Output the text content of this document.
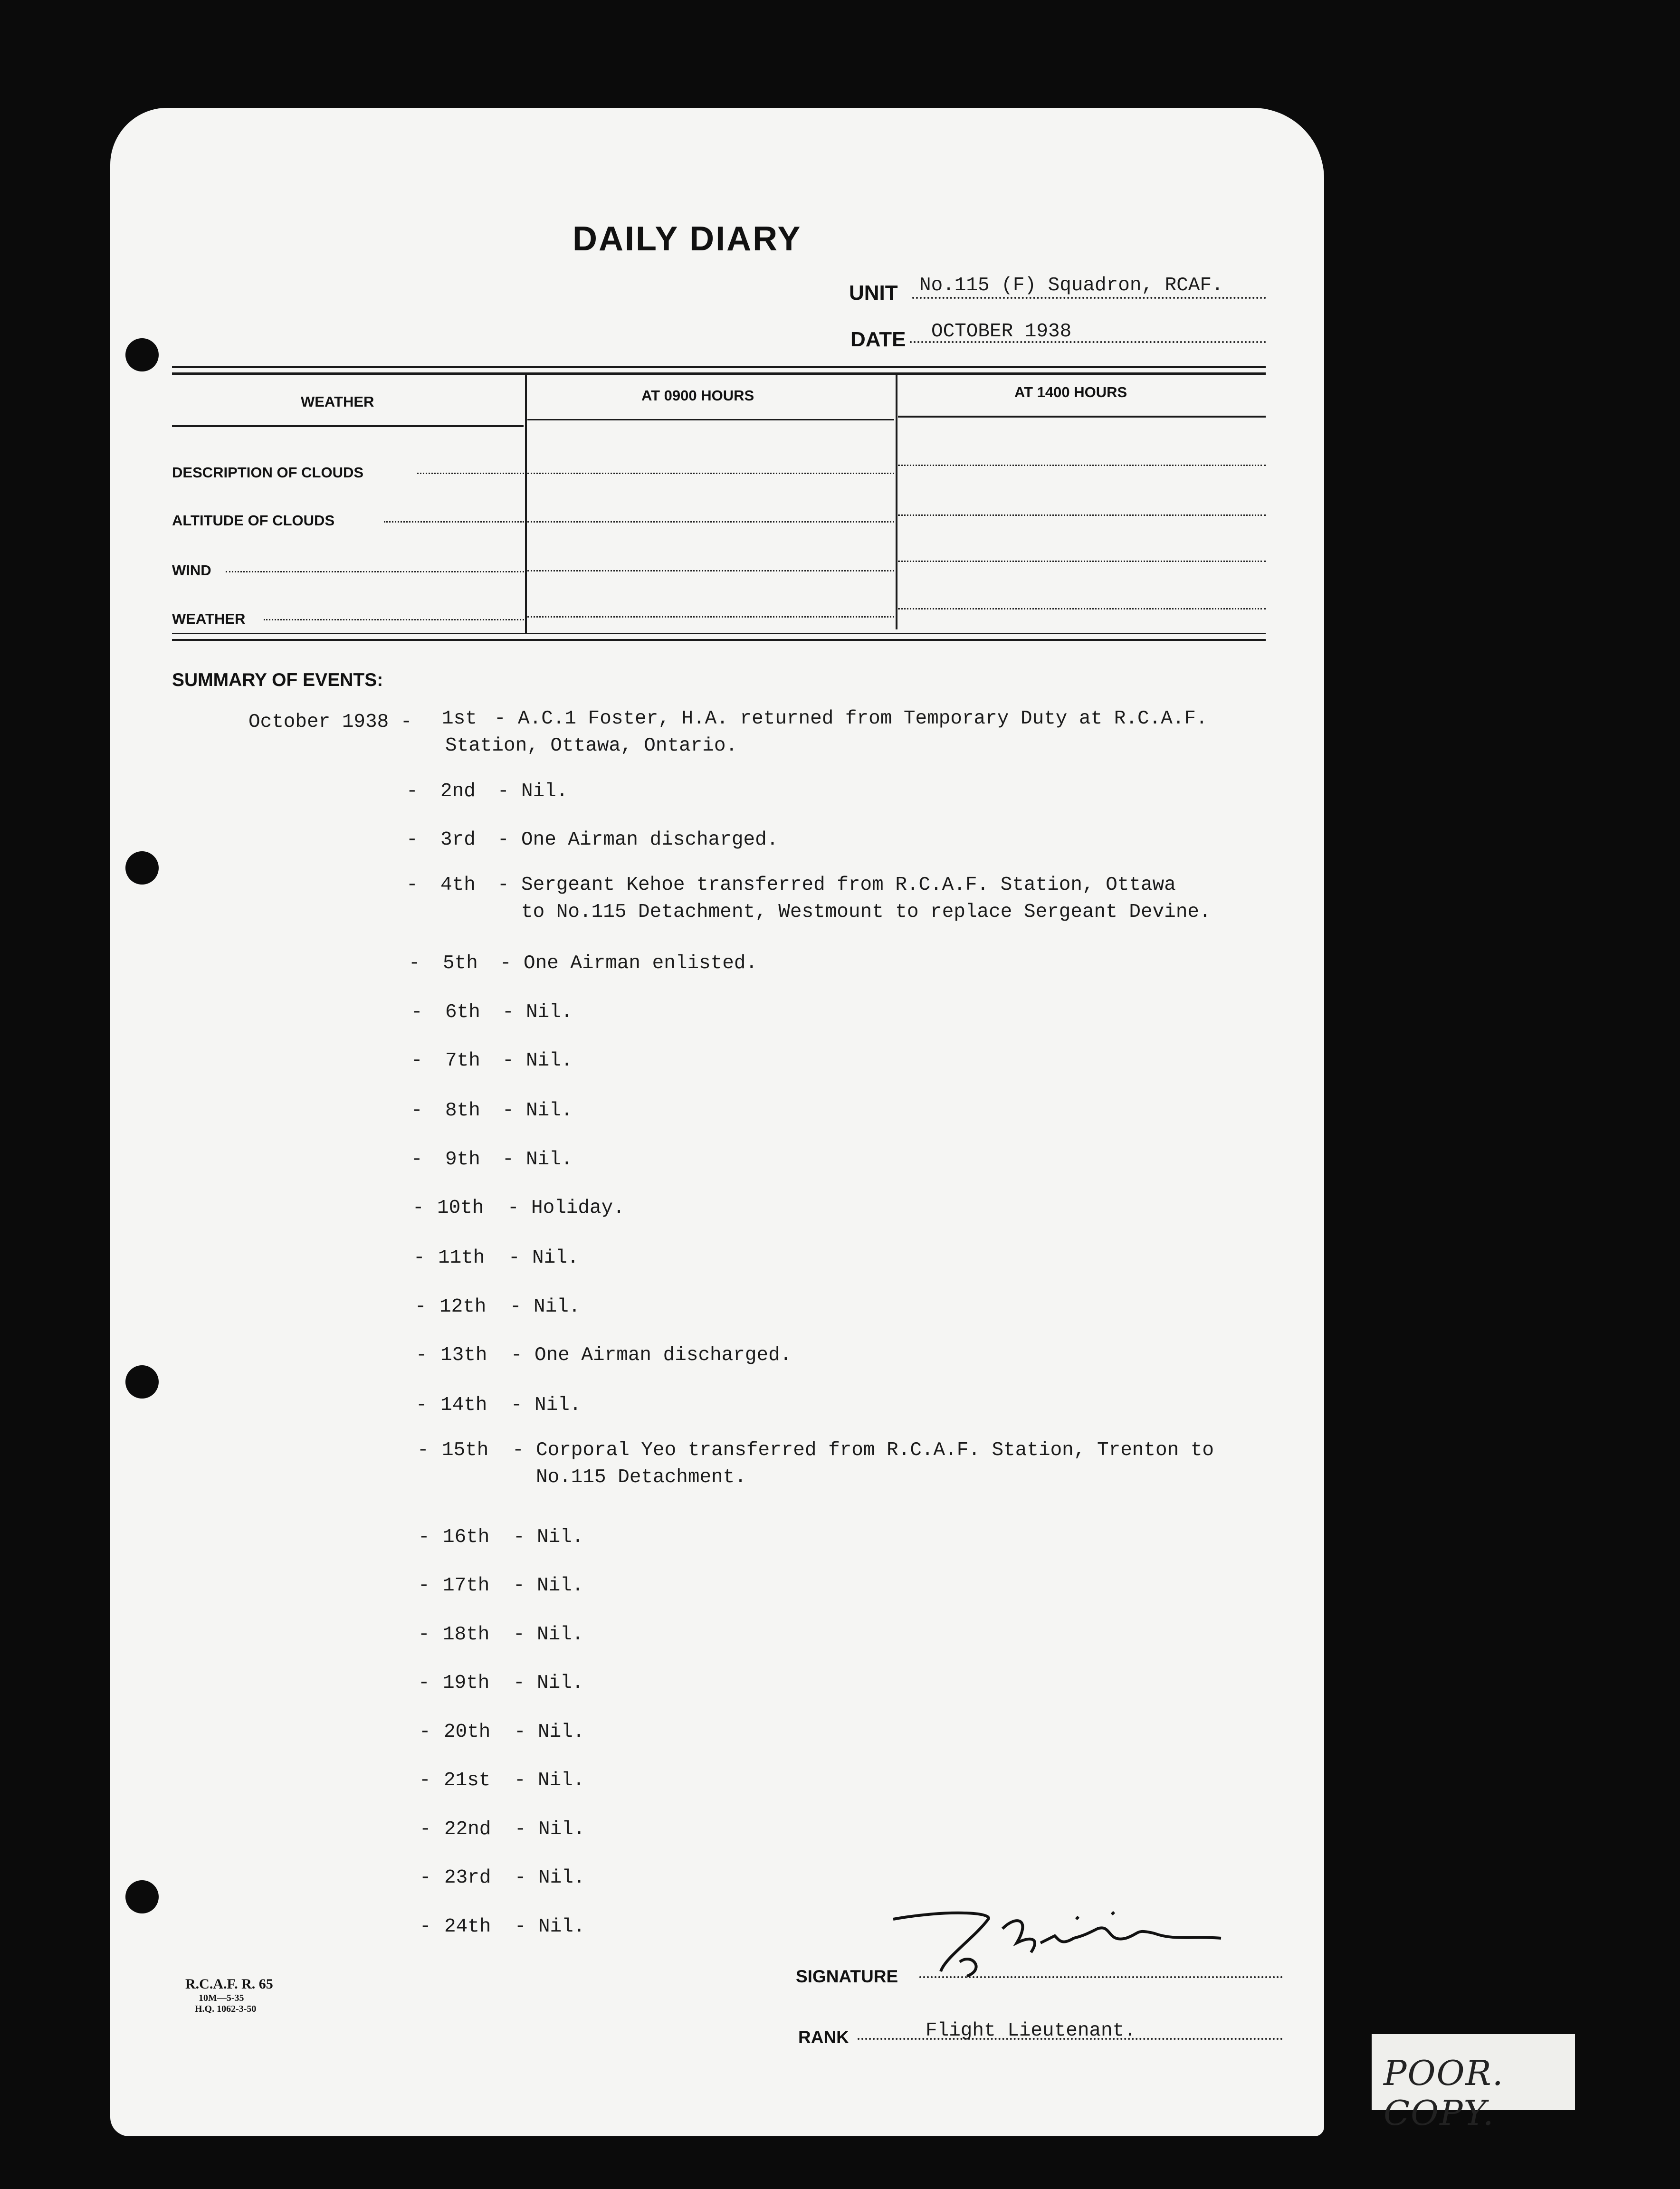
DAILY DIARY
UNIT No.115 (F) Squadron, RCAF.
DATE OCTOBER 1938
WEATHER	AT 0900 HOURS	AT 1400 HOURS
DESCRIPTION OF CLOUDS
ALTITUDE OF CLOUDS
WIND
WEATHER
SUMMARY OF EVENTS:
October 1938 - 1st - A.C.1 Foster, H.A. returned from Temporary Duty at R.C.A.F.
Station, Ottawa, Ontario.
- 2nd - Nil.
- 3rd - One Airman discharged.
- 4th - Sergeant Kehoe transferred from R.C.A.F. Station, Ottawa
to No.115 Detachment, Westmount to replace Sergeant Devine.
- 5th - One Airman enlisted.
- 6th - Nil.
- 7th - Nil.
- 8th - Nil.
- 9th - Nil.
- 10th - Holiday.
- 11th - Nil.
- 12th - Nil.
- 13th - One Airman discharged.
- 14th - Nil.
- 15th - Corporal Yeo transferred from R.C.A.F. Station, Trenton to
No.115 Detachment.
- 16th - Nil.
- 17th - Nil.
- 18th - Nil.
- 19th - Nil.
- 20th - Nil.
- 21st - Nil.
- 22nd - Nil.
- 23rd - Nil.
- 24th - Nil.
SIGNATURE
RANK	Flight Lieutenant.
R.C.A.F. R. 65
10M—5-35
H.Q. 1062-3-50
POOR. COPY.
